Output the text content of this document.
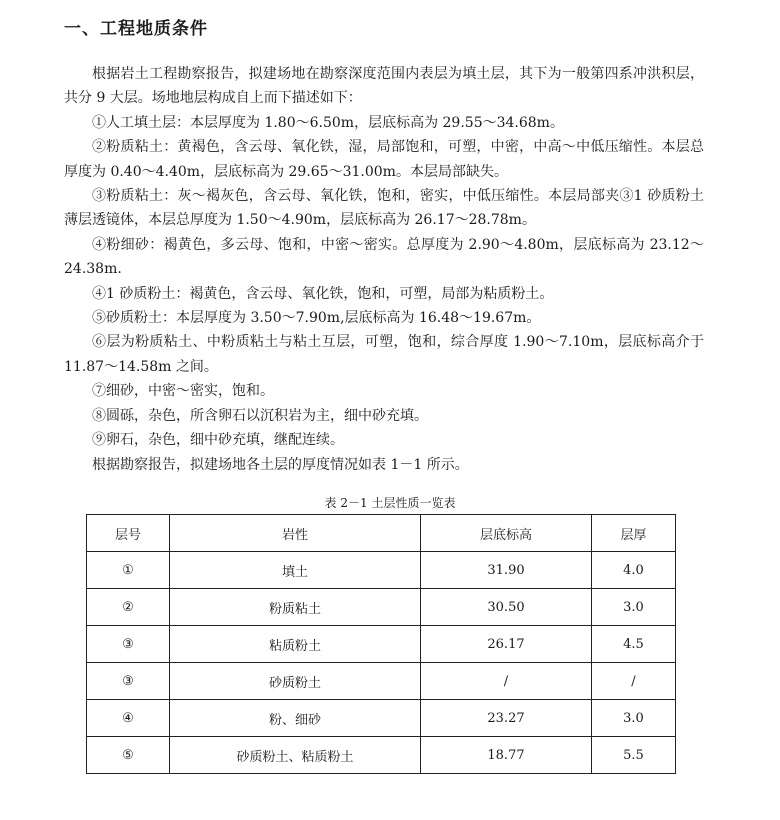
一、工程地质条件

根据岩土工程勘察报告，拟建场地在勘察深度范围内表层为填土层，其下为一般第四系冲洪积层，共分 9 大层。场地地层构成自上而下描述如下：

①人工填土层：本层厚度为 1.80～6.50m，层底标高为 29.55～34.68m。

②粉质粘土：黄褐色，含云母、氧化铁，湿，局部饱和，可塑，中密，中高～中低压缩性。本层总厚度为 0.40～4.40m，层底标高为 29.65～31.00m。本层局部缺失。

③粉质粘土：灰～褐灰色，含云母、氧化铁，饱和，密实，中低压缩性。本层局部夹③1 砂质粉土薄层透镜体，本层总厚度为 1.50～4.90m，层底标高为 26.17～28.78m。

④粉细砂：褐黄色，多云母、饱和，中密～密实。总厚度为 2.90～4.80m，层底标高为 23.12～24.38m.

④1 砂质粉土：褐黄色，含云母、氧化铁，饱和，可塑，局部为粘质粉土。

⑤砂质粉土：本层厚度为 3.50～7.90m,层底标高为 16.48～19.67m。

⑥层为粉质粘土、中粉质粘土与粘土互层，可塑，饱和，综合厚度 1.90～7.10m，层底标高介于 11.87～14.58m 之间。

⑦细砂，中密～密实，饱和。

⑧圆砾，杂色，所含卵石以沉积岩为主，细中砂充填。

⑨卵石，杂色，细中砂充填，继配连续。

根据勘察报告，拟建场地各土层的厚度情况如表 1－1 所示。

表 2－1 土层性质一览表
层号	岩性	层底标高	层厚
①	填土	31.90	4.0
②	粉质粘土	30.50	3.0
③	粘质粉土	26.17	4.5
③	砂质粉土	/	/
④	粉、细砂	23.27	3.0
⑤	砂质粉土、粘质粉土	18.77	5.5
